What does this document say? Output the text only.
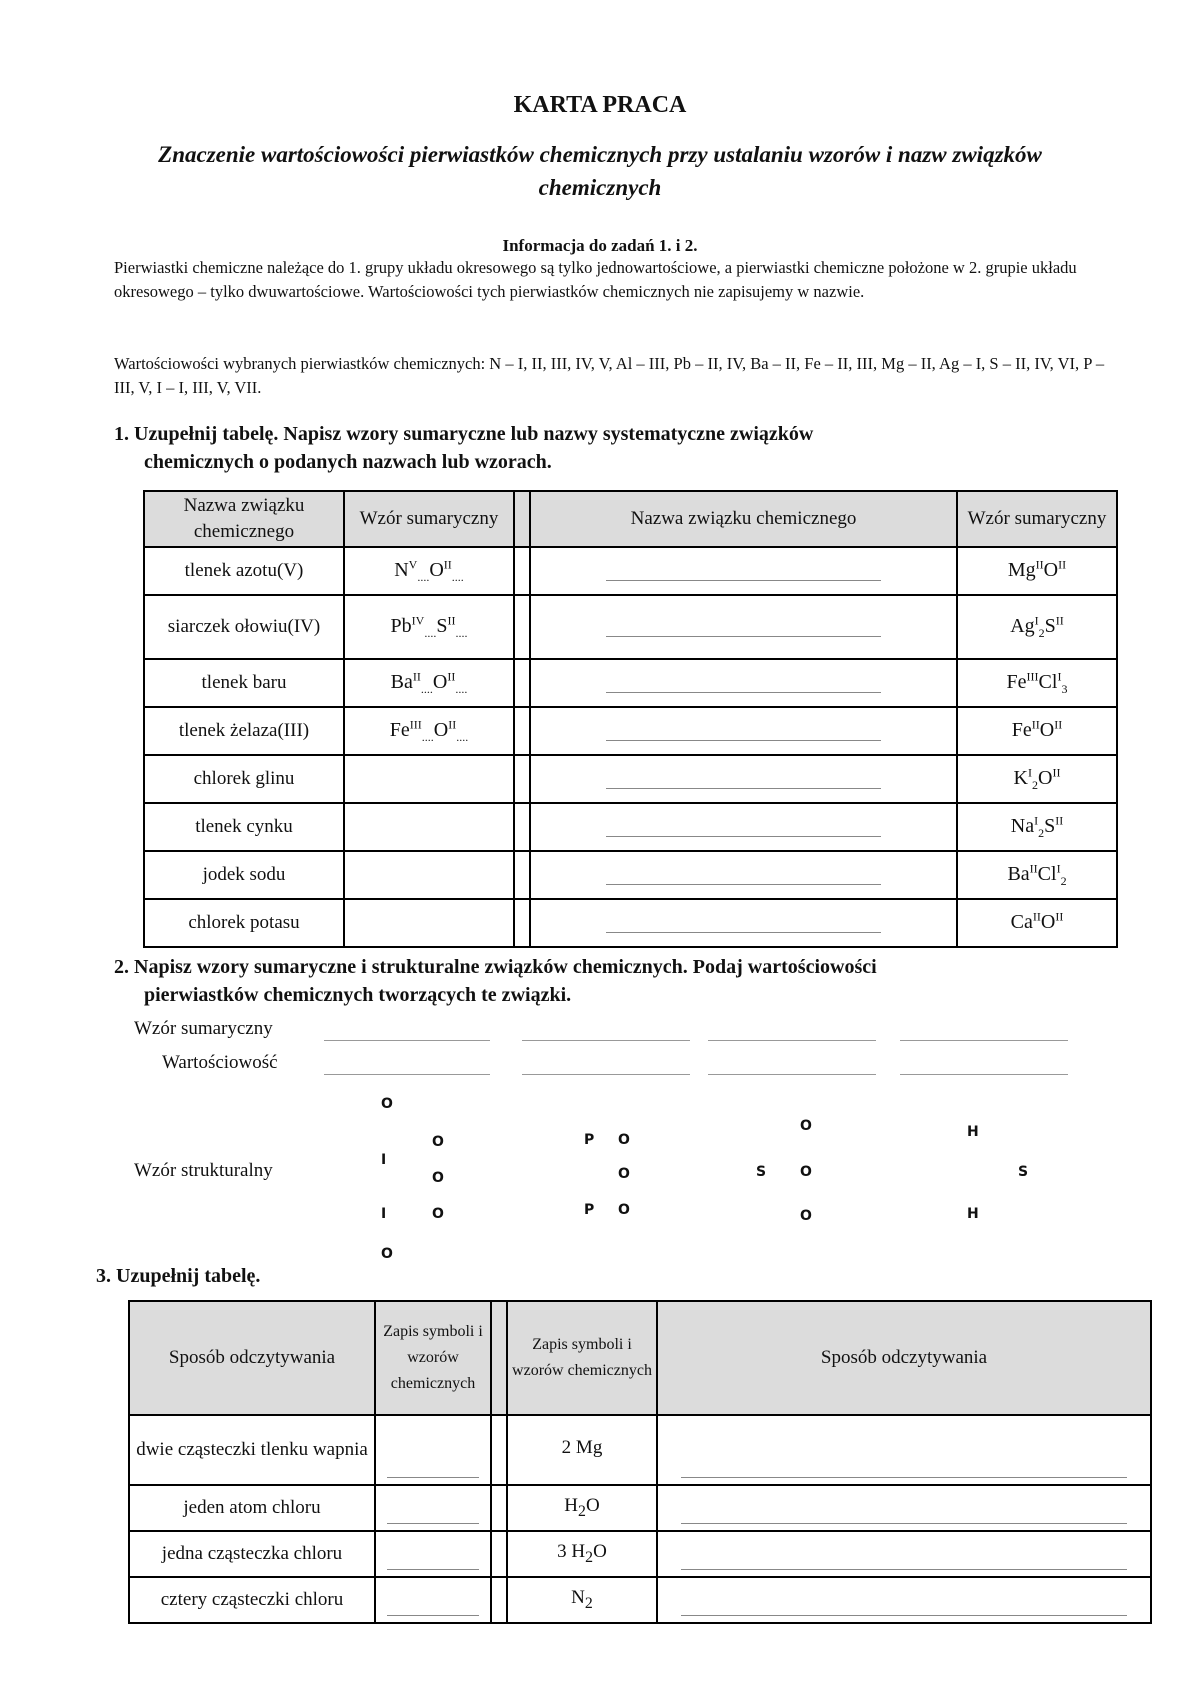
KARTA PRACA
Znaczenie wartościowości pierwiastków chemicznych przy ustalaniu wzorów i nazw związków chemicznych
Informacja do zadań 1. i 2.
Pierwiastki chemiczne należące do 1. grupy układu okresowego są tylko jednowartościowe, a pierwiastki chemiczne położone w 2. grupie układu okresowego – tylko dwuwartościowe. Wartościowości tych pierwiastków chemicznych nie zapisujemy w nazwie.
Wartościowości wybranych pierwiastków chemicznych: N – I, II, III, IV, V, Al – III, Pb – II, IV, Ba – II, Fe – II, III, Mg – II, Ag – I, S – II, IV, VI, P – III, V, I – I, III, V, VII.
1. Uzupełnij tabelę. Napisz wzory sumaryczne lub nazwy systematyczne związków
chemicznych o podanych nazwach lub wzorach.
Nazwa związku chemicznego	Wzór sumaryczny		Nazwa związku chemicznego	Wzór sumaryczny
tlenek azotu(V)	$N^V_{....}O^{II}_{....}$			$Mg^{II}O^{II}$
siarczek ołowiu(IV)	$Pb^{IV}_{....}S^{II}_{....}$			$Ag^I_2S^{II}$
tlenek baru	$Ba^{II}_{....}O^{II}_{....}$			$Fe^{III}Cl^I_3$
tlenek żelaza(III)	$Fe^{III}_{....}O^{II}_{....}$			$Fe^{II}O^{II}$
chlorek glinu				$K^I_2O^{II}$
tlenek cynku				$Na^I_2S^{II}$
jodek sodu				$Ba^{II}Cl^I_2$
chlorek potasu				$Ca^{II}O^{II}$
2. Napisz wzory sumaryczne i strukturalne związków chemicznych. Podaj wartościowości
pierwiastków chemicznych tworzących te związki.
Wzór sumaryczny
Wartościowość
Wzór strukturalny
O
O
I
O
I	O
O
P O
O
P O
O
S O
O
H
S
H
3. Uzupełnij tabelę.
Sposób odczytywania	Zapis symboli i wzorów chemicznych		Zapis symboli i wzorów chemicznych	Sposób odczytywania
dwie cząsteczki tlenku wapnia			2 Mg	

jeden atom chloru			$H_2O$	

jedna cząsteczka chloru			3 $H_2O$	

cztery cząsteczki chloru			$N_2$	
